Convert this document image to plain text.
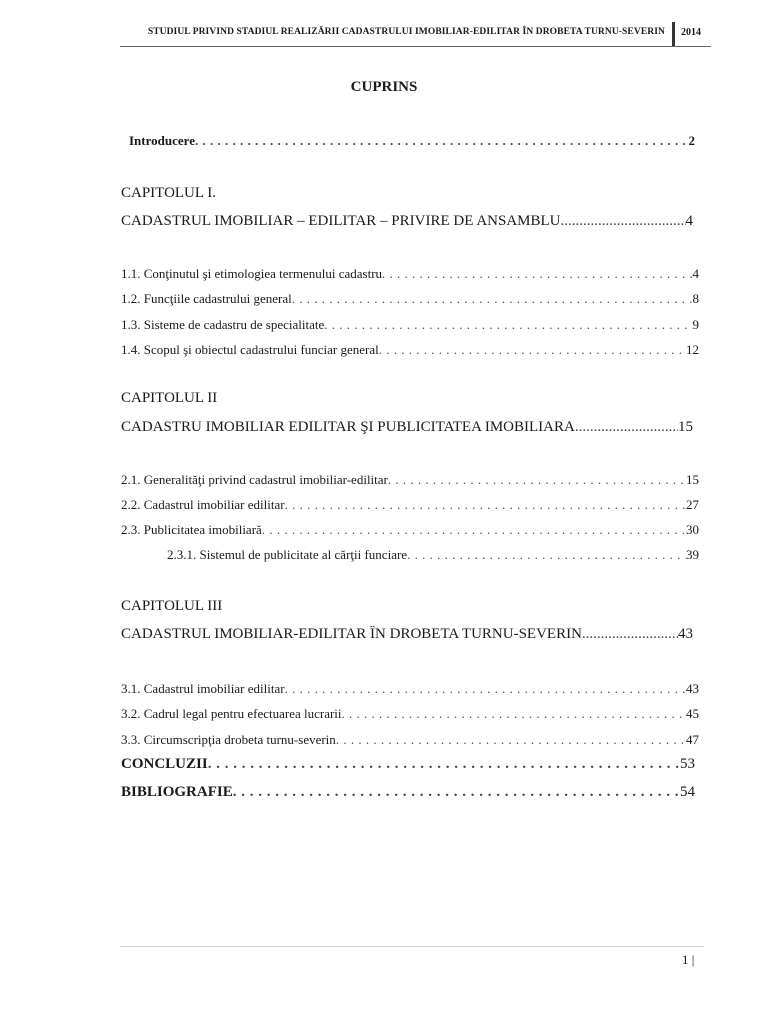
STUDIUL PRIVIND STADIUL REALIZĂRII CADASTRULUI IMOBILIAR-EDILITAR ÎN DROBETA TURNU-SEVERIN 2014
CUPRINS
Introducere . . .	2
CAPITOLUL I.
CADASTRUL IMOBILIAR – EDILITAR – PRIVIRE DE ANSAMBLU .....	4
1.1. Conţinutul şi etimologiea termenului cadastru . . .	4
1.2. Funcţiile cadastrului general . . .	8
1.3. Sisteme de cadastru de specialitate . . .	9
1.4. Scopul şi obiectul cadastrului funciar general . . .	12
CAPITOLUL II
CADASTRU IMOBILIAR EDILITAR ŞI PUBLICITATEA IMOBILIARA .....	15
2.1. Generalităţi privind cadastrul imobiliar-edilitar . . .	15
2.2. Cadastrul imobiliar edilitar . . .	27
2.3. Publicitatea imobiliară . . .	30
2.3.1. Sistemul de publicitate al cărţii funciare . . .	39
CAPITOLUL III
CADASTRUL IMOBILIAR-EDILITAR ÎN DROBETA TURNU-SEVERIN .....	43
3.1. Cadastrul imobiliar edilitar . . .	43
3.2. Cadrul legal pentru efectuarea lucrarii . . .	45
3.3. Circumscripţia drobeta turnu-severin . . .	47
CONCLUZII . . .	53
BIBLIOGRAFIE . . .	54
1 |
